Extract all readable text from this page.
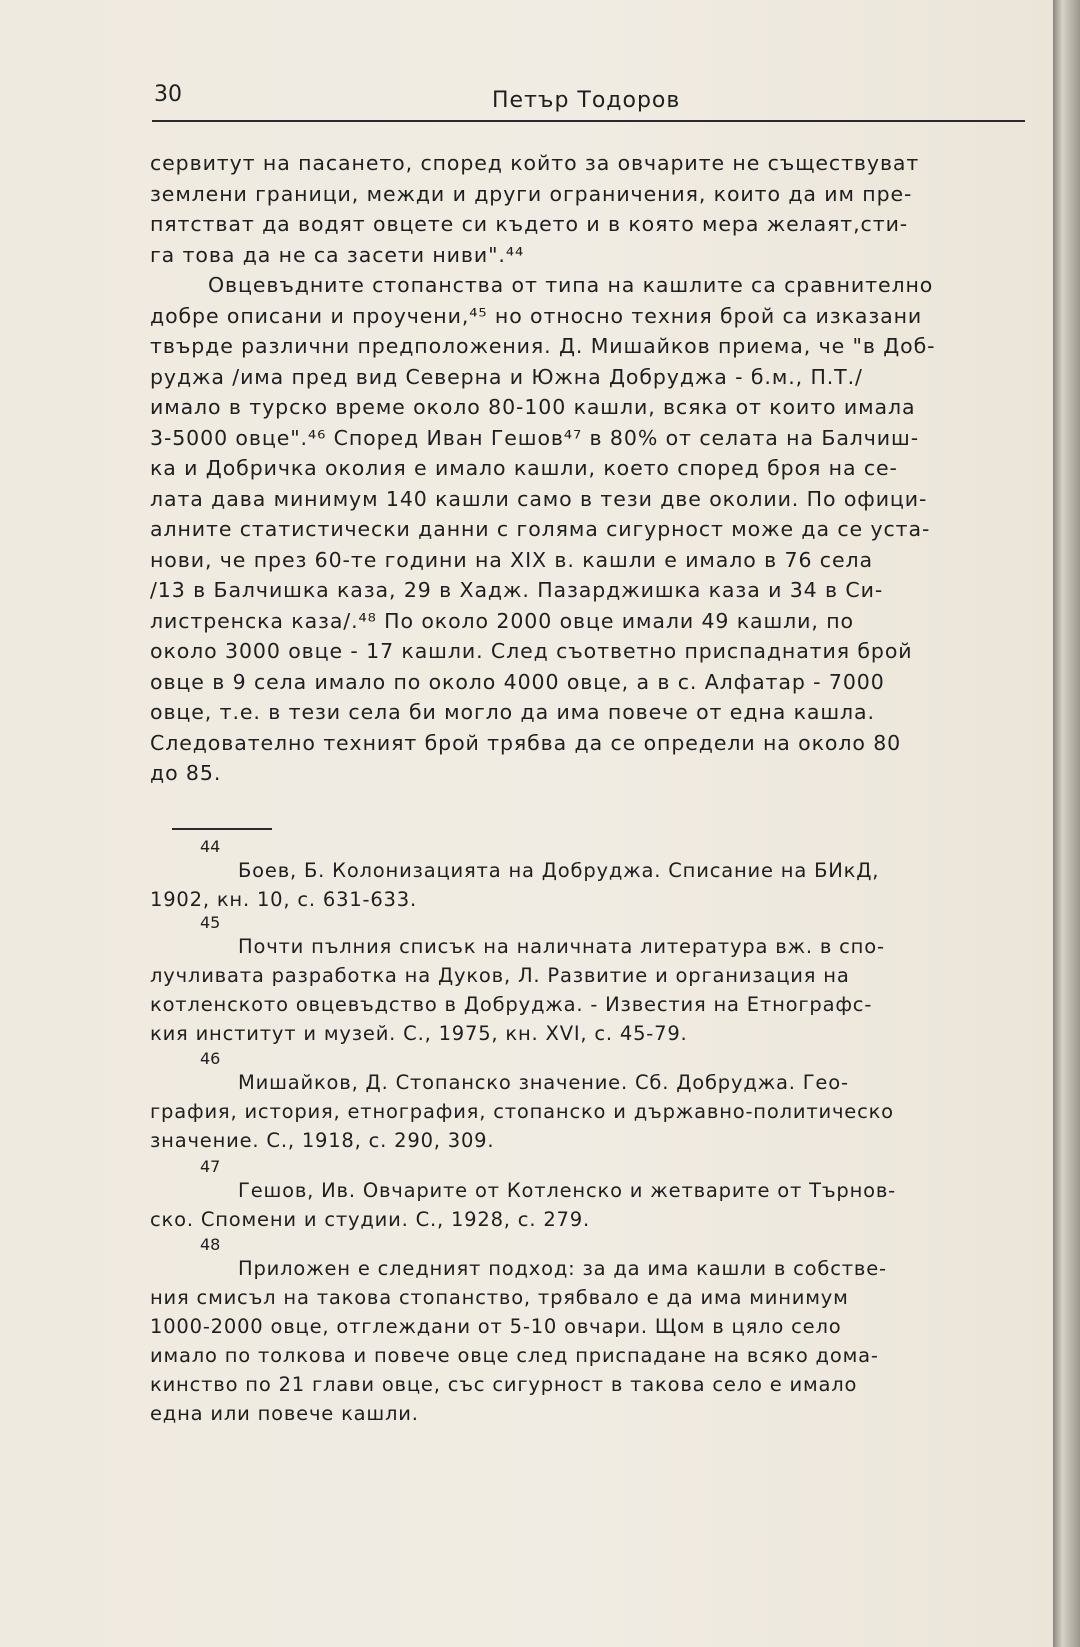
30	Петър Тодоров
сервитут на пасането, според който за овчарите не съществуват
землени граници, межди и други ограничения, които да им пре-
пятстват да водят овцете си където и в която мера желаят,сти-
га това да не са засети ниви".⁴⁴
Овцевъдните стопанства от типа на кашлите са сравнително
добре описани и проучени,⁴⁵ но относно техния брой са изказани
твърде различни предположения. Д. Мишайков приема, че "в Доб-
руджа /има пред вид Северна и Южна Добруджа - б.м., П.Т./
имало в турско време около 80-100 кашли, всяка от които имала
3-5000 овце".⁴⁶ Според Иван Гешов⁴⁷ в 80% от селата на Балчиш-
ка и Добричка околия е имало кашли, което според броя на се-
лата дава минимум 140 кашли само в тези две околии. По офици-
алните статистически данни с голяма сигурност може да се уста-
нови, че през 60-те години на XIX в. кашли е имало в 76 села
/13 в Балчишка каза, 29 в Хадж. Пазарджишка каза и 34 в Си-
листренска каза/.⁴⁸ По около 2000 овце имали 49 кашли, по
около 3000 овце - 17 кашли. След съответно приспаднатия брой
овце в 9 села имало по около 4000 овце, а в с. Алфатар - 7000
овце, т.е. в тези села би могло да има повече от една кашла.
Следователно техният брой трябва да се определи на около 80
до 85.
44
Боев, Б. Колонизацията на Добруджа. Списание на БИкД,
1902, кн. 10, с. 631-633.
45
Почти пълния списък на наличната литература вж. в спо-
лучливата разработка на Дуков, Л. Развитие и организация на
котленското овцевъдство в Добруджа. - Известия на Етнографс-
кия институт и музей. С., 1975, кн. XVI, с. 45-79.
46
Мишайков, Д. Стопанско значение. Сб. Добруджа. Гео-
графия, история, етнография, стопанско и държавно-политическо
значение. С., 1918, с. 290, 309.
47
Гешов, Ив. Овчарите от Котленско и жетварите от Търнов-
ско. Спомени и студии. С., 1928, с. 279.
48
Приложен е следният подход: за да има кашли в собстве-
ния смисъл на такова стопанство, трябвало е да има минимум
1000-2000 овце, отглеждани от 5-10 овчари. Щом в цяло село
имало по толкова и повече овце след приспадане на всяко дома-
кинство по 21 глави овце, със сигурност в такова село е имало
една или повече кашли.
